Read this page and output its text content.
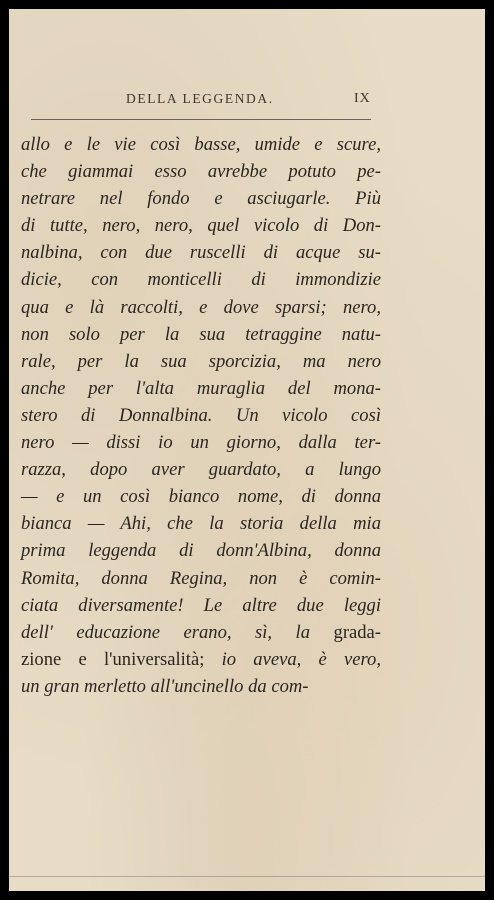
DELLA LEGGENDA.	IX
allo e le vie così basse, umide e scure,
che giammai esso avrebbe potuto pe-
netrare nel fondo e asciugarle. Più
di tutte, nero, nero, quel vicolo di Don-
nalbina, con due ruscelli di acque su-
dicie, con monticelli di immondizie
qua e là raccolti, e dove sparsi; nero,
non solo per la sua tetraggine natu-
rale, per la sua sporcizia, ma nero
anche per l'alta muraglia del mona-
stero di Donnalbina. Un vicolo così
nero — dissi io un giorno, dalla ter-
razza, dopo aver guardato, a lungo
— e un così bianco nome, di donna
bianca — Ahi, che la storia della mia
prima leggenda di donn'Albina, donna
Romita, donna Regina, non è comin-
ciata diversamente! Le altre due leggi
dell' educazione erano, sì, la grada-
zione e l'universalità; io aveva, è vero,
un gran merletto all'uncinello da com-
